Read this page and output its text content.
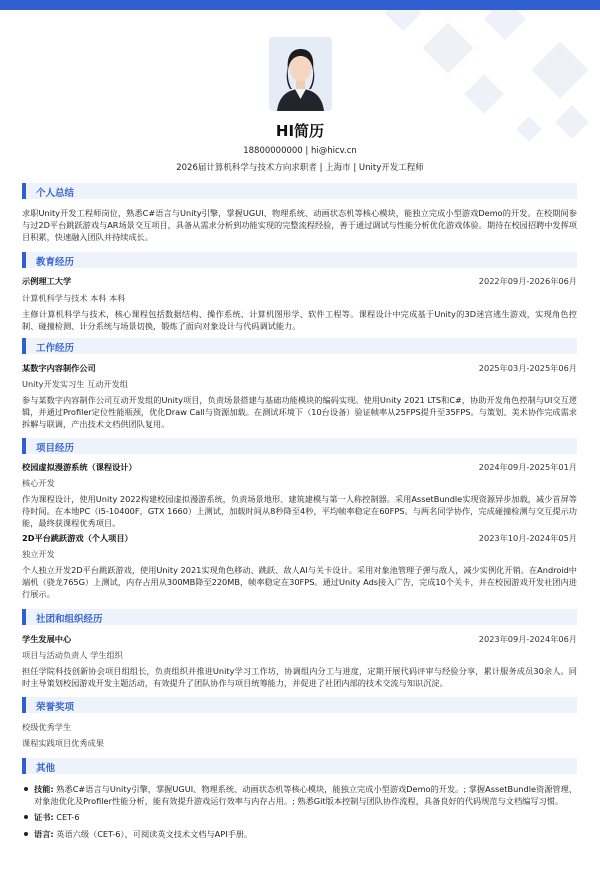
HI简历
18800000000 | hi@hicv.cn
2026届计算机科学与技术方向求职者 | 上海市 | Unity开发工程师
个人总结
求职Unity开发工程师岗位，熟悉C#语言与Unity引擎，掌握UGUI、物理系统、动画状态机等核心模块，能独立完成小型游戏Demo的开发。在校期间参与过2D平台跳跃游戏与AR场景交互项目，具备从需求分析到功能实现的完整流程经验，善于通过调试与性能分析优化游戏体验。期待在校园招聘中发挥项目积累，快速融入团队并持续成长。
教育经历
示例理工大学	2022年09月-2026年06月
计算机科学与技术 本科 本科
主修计算机科学与技术，核心课程包括数据结构、操作系统、计算机图形学、软件工程等。课程设计中完成基于Unity的3D迷宫逃生游戏，实现角色控制、碰撞检测、计分系统与场景切换，锻炼了面向对象设计与代码调试能力。
工作经历
某数字内容制作公司	2025年03月-2025年06月
Unity开发实习生 互动开发组
参与某数字内容制作公司互动开发组的Unity项目，负责场景搭建与基础功能模块的编码实现。使用Unity 2021 LTS和C#，协助开发角色控制与UI交互逻辑，并通过Profiler定位性能瓶颈，优化Draw Call与资源加载。在测试环境下（10台设备）验证帧率从25FPS提升至35FPS。与策划、美术协作完成需求拆解与联调，产出技术文档供团队复用。
项目经历
校园虚拟漫游系统（课程设计）	2024年09月-2025年01月
核心开发
作为课程设计，使用Unity 2022构建校园虚拟漫游系统，负责场景地形、建筑建模与第一人称控制器。采用AssetBundle实现资源异步加载，减少首屏等待时间。在本地PC（i5-10400F，GTX 1660）上测试，加载时间从8秒降至4秒，平均帧率稳定在60FPS。与两名同学协作，完成碰撞检测与交互提示功能，最终获课程优秀项目。
2D平台跳跃游戏（个人项目）	2023年10月-2024年05月
独立开发
个人独立开发2D平台跳跃游戏，使用Unity 2021实现角色移动、跳跃、敌人AI与关卡设计。采用对象池管理子弹与敌人，减少实例化开销。在Android中端机（骁龙765G）上测试，内存占用从300MB降至220MB，帧率稳定在30FPS。通过Unity Ads接入广告，完成10个关卡，并在校园游戏开发社团内进行展示。
社团和组织经历
学生发展中心	2023年09月-2024年06月
项目与活动负责人 学生组织
担任学院科技创新协会项目组组长，负责组织并推进Unity学习工作坊，协调组内分工与进度，定期开展代码评审与经验分享，累计服务成员30余人。同时主导策划校园游戏开发主题活动，有效提升了团队协作与项目统筹能力，并促进了社团内部的技术交流与知识沉淀。
荣誉奖项
校级优秀学生
课程实践项目优秀成果
其他
技能: 熟悉C#语言与Unity引擎，掌握UGUI、物理系统、动画状态机等核心模块，能独立完成小型游戏Demo的开发。; 掌握AssetBundle资源管理、对象池优化及Profiler性能分析，能有效提升游戏运行效率与内存占用。; 熟悉Git版本控制与团队协作流程，具备良好的代码规范与文档编写习惯。
证书: CET-6
语言: 英语六级（CET-6），可阅读英文技术文档与API手册。
